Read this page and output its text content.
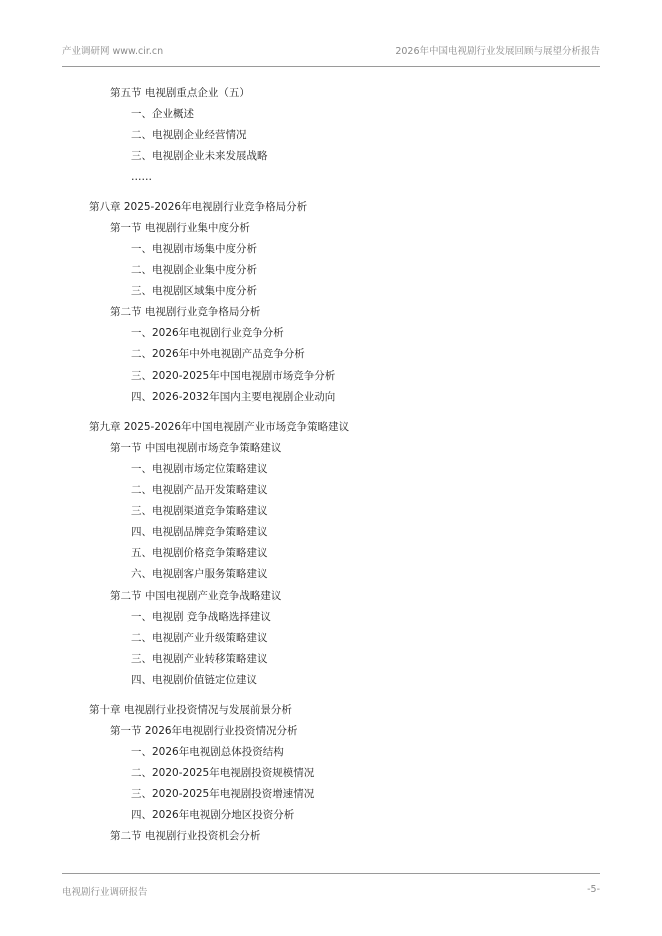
产业调研网 www.cir.cn	2026年中国电视剧行业发展回顾与展望分析报告
第五节 电视剧重点企业（五）
一、企业概述
二、电视剧企业经营情况
三、电视剧企业未来发展战略
……
第八章 2025-2026年电视剧行业竞争格局分析
第一节 电视剧行业集中度分析
一、电视剧市场集中度分析
二、电视剧企业集中度分析
三、电视剧区域集中度分析
第二节 电视剧行业竞争格局分析
一、2026年电视剧行业竞争分析
二、2026年中外电视剧产品竞争分析
三、2020-2025年中国电视剧市场竞争分析
四、2026-2032年国内主要电视剧企业动向
第九章 2025-2026年中国电视剧产业市场竞争策略建议
第一节 中国电视剧市场竞争策略建议
一、电视剧市场定位策略建议
二、电视剧产品开发策略建议
三、电视剧渠道竞争策略建议
四、电视剧品牌竞争策略建议
五、电视剧价格竞争策略建议
六、电视剧客户服务策略建议
第二节 中国电视剧产业竞争战略建议
一、电视剧 竞争战略选择建议
二、电视剧产业升级策略建议
三、电视剧产业转移策略建议
四、电视剧价值链定位建议
第十章 电视剧行业投资情况与发展前景分析
第一节 2026年电视剧行业投资情况分析
一、2026年电视剧总体投资结构
二、2020-2025年电视剧投资规模情况
三、2020-2025年电视剧投资增速情况
四、2026年电视剧分地区投资分析
第二节 电视剧行业投资机会分析
电视剧行业调研报告	-5-
